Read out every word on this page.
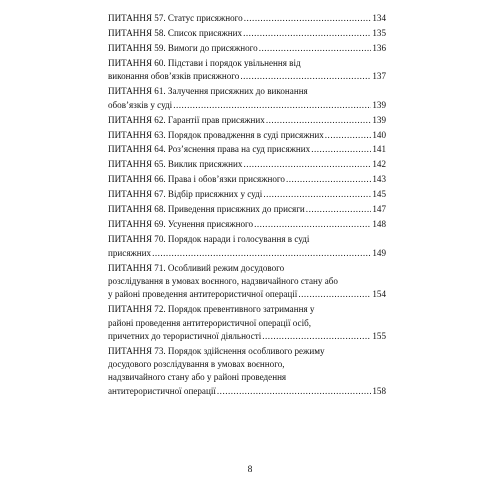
ПИТАННЯ 57. Статус присяжного .....	134
ПИТАННЯ 58. Список присяжних .....	135
ПИТАННЯ 59. Вимоги до присяжного .....	136
ПИТАННЯ 60. Підстави і порядок увільнення від
виконання обов’язків присяжного .....	137
ПИТАННЯ 61. Залучення присяжних до виконання
обов’язків у суді .....	139
ПИТАННЯ 62. Гарантії прав присяжних .....	139
ПИТАННЯ 63. Порядок провадження в суді присяжних .....	140
ПИТАННЯ 64. Роз’яснення права на суд присяжних .....	141
ПИТАННЯ 65. Виклик присяжних .....	142
ПИТАННЯ 66. Права і обов’язки присяжного .....	143
ПИТАННЯ 67. Відбір присяжних у суді .....	145
ПИТАННЯ 68. Приведення присяжних до присяги .....	147
ПИТАННЯ 69. Усунення присяжного .....	148
ПИТАННЯ 70. Порядок наради і голосування в суді
присяжних .....	149
ПИТАННЯ 71. Особливий режим досудового
розслідування в умовах воєнного, надзвичайного стану або
у районі проведення антитерористичної операції .....	154
ПИТАННЯ 72. Порядок превентивного затримання у
районі проведення антитерористичної операції осіб,
причетних до терористичної діяльності .....	155
ПИТАННЯ 73. Порядок здійснення особливого режиму
досудового розслідування в умовах воєнного,
надзвичайного стану або у районі проведення
антитерористичної операції .....	158
8
